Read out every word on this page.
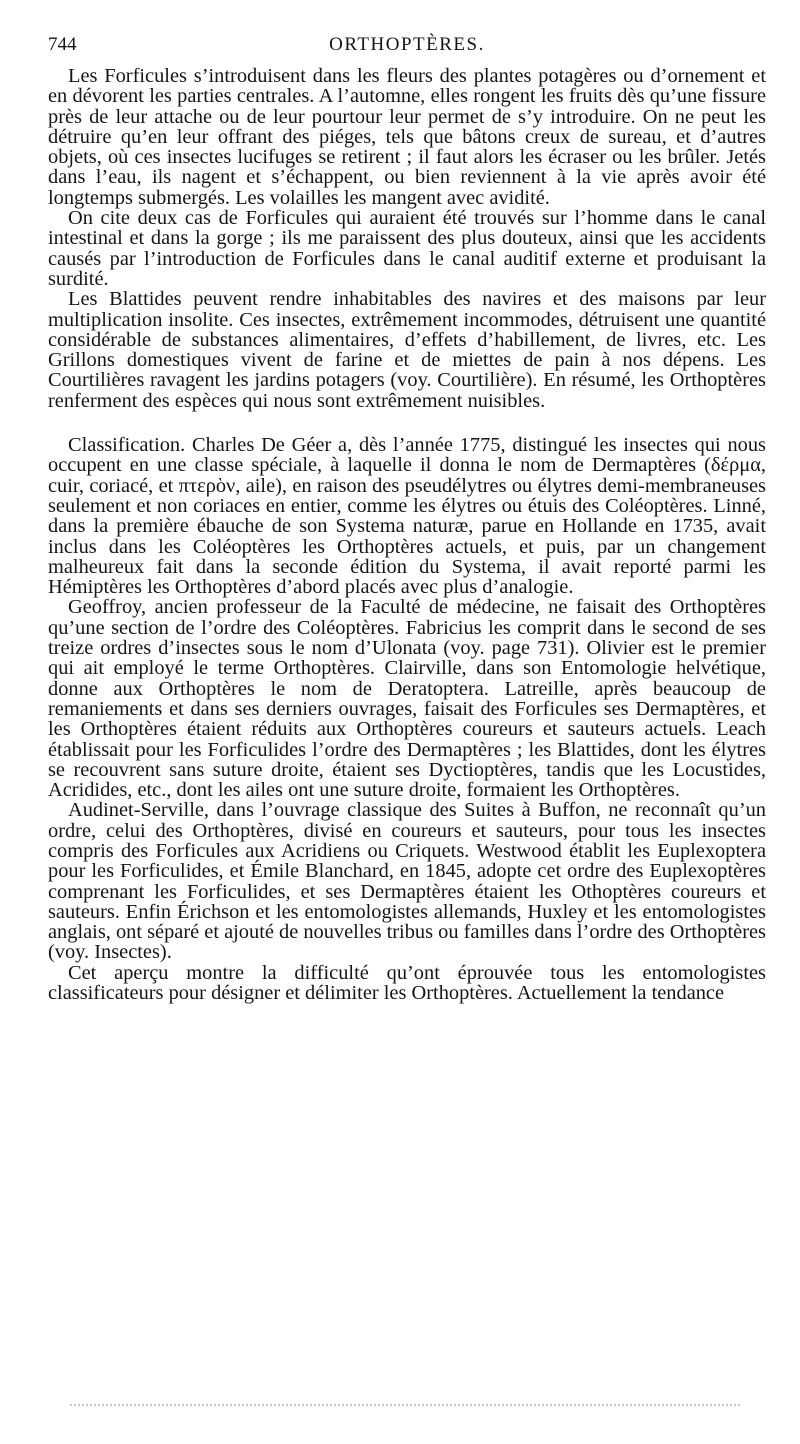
744	ORTHOPTÈRES.

Les Forficules s’introduisent dans les fleurs des plantes potagères ou d’ornement et en dévorent les parties centrales. A l’automne, elles rongent les fruits dès qu’une fissure près de leur attache ou de leur pourtour leur permet de s’y introduire. On ne peut les détruire qu’en leur offrant des piéges, tels que bâtons creux de sureau, et d’autres objets, où ces insectes lucifuges se retirent ; il faut alors les écraser ou les brûler. Jetés dans l’eau, ils nagent et s’échappent, ou bien reviennent à la vie après avoir été longtemps submergés. Les volailles les mangent avec avidité.

On cite deux cas de Forficules qui auraient été trouvés sur l’homme dans le canal intestinal et dans la gorge ; ils me paraissent des plus douteux, ainsi que les accidents causés par l’introduction de Forficules dans le canal auditif externe et produisant la surdité.

Les Blattides peuvent rendre inhabitables des navires et des maisons par leur multiplication insolite. Ces insectes, extrêmement incommodes, détruisent une quantité considérable de substances alimentaires, d’effets d’habillement, de livres, etc. Les Grillons domestiques vivent de farine et de miettes de pain à nos dépens. Les Courtilières ravagent les jardins potagers (voy. Courtilière). En résumé, les Orthoptères renferment des espèces qui nous sont extrêmement nuisibles.

Classification. Charles De Géer a, dès l’année 1775, distingué les insectes qui nous occupent en une classe spéciale, à laquelle il donna le nom de Dermaptères (δέρμα, cuir, coriacé, et πτερὸν, aile), en raison des pseudélytres ou élytres demi-membraneuses seulement et non coriaces en entier, comme les élytres ou étuis des Coléoptères. Linné, dans la première ébauche de son Systema naturæ, parue en Hollande en 1735, avait inclus dans les Coléoptères les Orthoptères actuels, et puis, par un changement malheureux fait dans la seconde édition du Systema, il avait reporté parmi les Hémiptères les Orthoptères d’abord placés avec plus d’analogie.

Geoffroy, ancien professeur de la Faculté de médecine, ne faisait des Orthoptères qu’une section de l’ordre des Coléoptères. Fabricius les comprit dans le second de ses treize ordres d’insectes sous le nom d’Ulonata (voy. page 731). Olivier est le premier qui ait employé le terme Orthoptères. Clairville, dans son Entomologie helvétique, donne aux Orthoptères le nom de Deratoptera. Latreille, après beaucoup de remaniements et dans ses derniers ouvrages, faisait des Forficules ses Dermaptères, et les Orthoptères étaient réduits aux Orthoptères coureurs et sauteurs actuels. Leach établissait pour les Forficulides l’ordre des Dermaptères ; les Blattides, dont les élytres se recouvrent sans suture droite, étaient ses Dyctioptères, tandis que les Locustides, Acridides, etc., dont les ailes ont une suture droite, formaient les Orthoptères.

Audinet-Serville, dans l’ouvrage classique des Suites à Buffon, ne reconnaît qu’un ordre, celui des Orthoptères, divisé en coureurs et sauteurs, pour tous les insectes compris des Forficules aux Acridiens ou Criquets. Westwood établit les Euplexoptera pour les Forficulides, et Émile Blanchard, en 1845, adopte cet ordre des Euplexoptères comprenant les Forficulides, et ses Dermaptères étaient les Othoptères coureurs et sauteurs. Enfin Érichson et les entomologistes allemands, Huxley et les entomologistes anglais, ont séparé et ajouté de nouvelles tribus ou familles dans l’ordre des Orthoptères (voy. Insectes).

Cet aperçu montre la difficulté qu’ont éprouvée tous les entomologistes classificateurs pour désigner et délimiter les Orthoptères. Actuellement la tendance
